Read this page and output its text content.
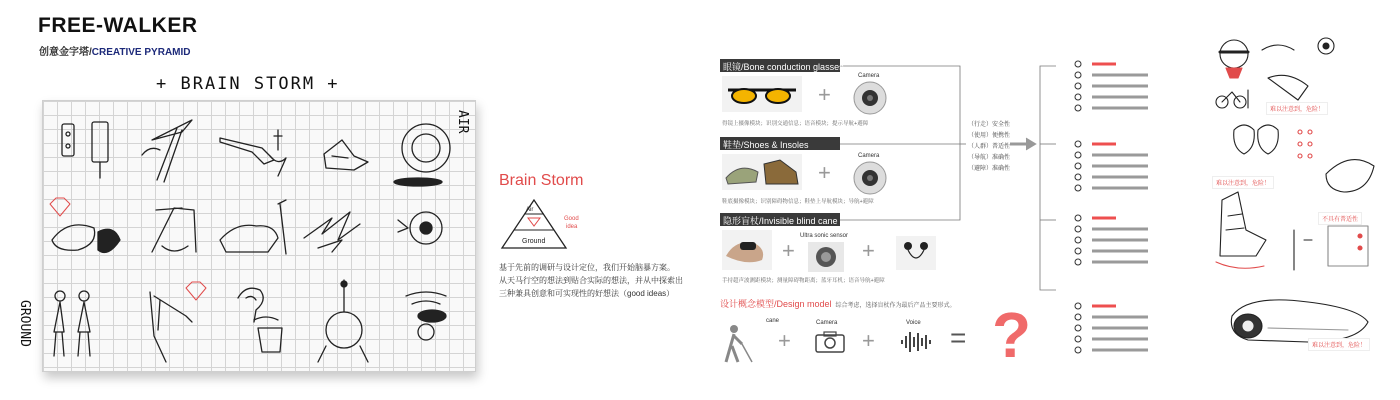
FREE-WALKER
创意金字塔/CREATIVE PYRAMID
+ BRAIN STORM +
AIR
GROUND
Brain Storm
Air
Ground
Good
idea
基于先前的调研与设计定位，我们开始脑暴方案。
从天马行空的想法到贴合实际的想法，并从中探索出
三种兼具创意和可实现性的好想法（good ideas）
眼镜/Bone conduction glasses
+
Camera
得镜上摄像模块；识别交通信息；语音模块；提示导航+避障
鞋垫/Shoes & Insoles
+
Camera
鞋底摄像模块；识别障碍物信息；鞋垫上导航模块；导航+避障
隐形盲杖/Invisible blind cane
+
Ultra sonic sensor
+
手持超声波测距模块；测量障碍物距离；蓝牙耳机；语音导航+避障
（行走）安全性
（使用）便携性
（人群）普适性
（导航）准确性
（避障）准确性
设计概念模型/Design model 综合考虑，选择盲杖作为最后产品主要形式。
cane
+
Camera
+
Voice = ?
难以注意到，危险！
难以注意到，危险！
不具有普适性
难以注意到，危险！
